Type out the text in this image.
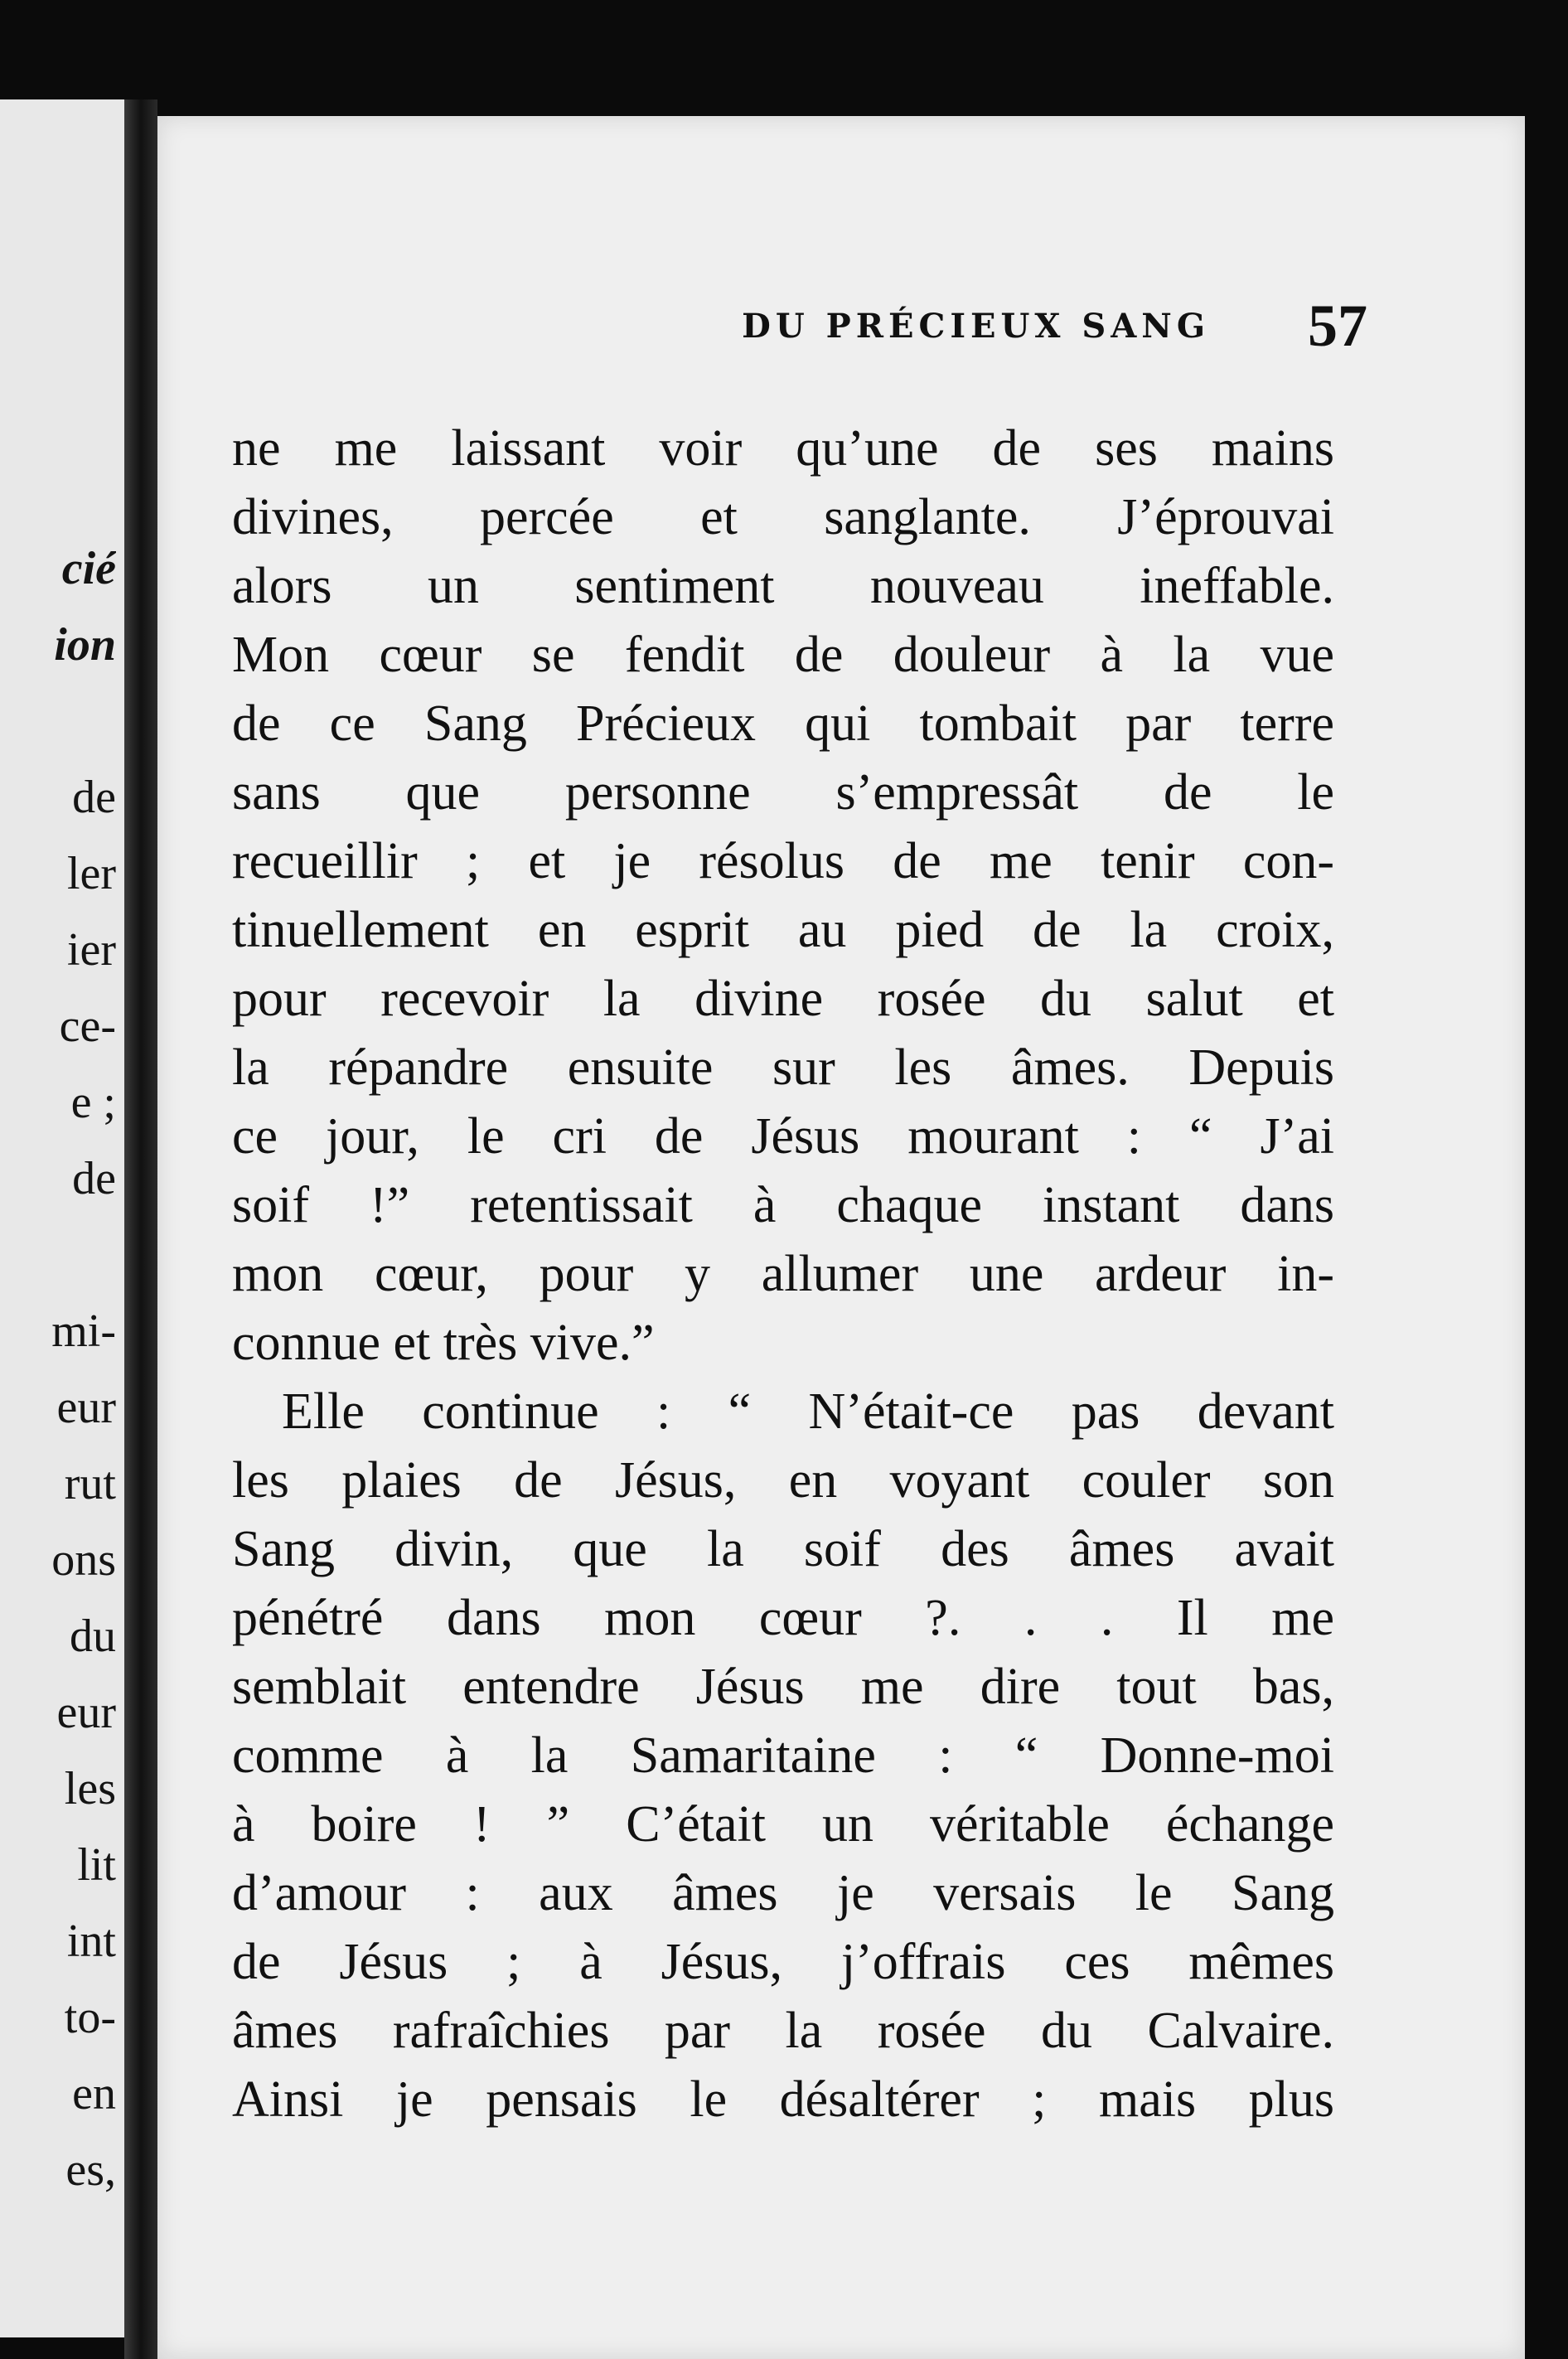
cié
ion
de
ler
ier
ce-
e ;
de
mi-
eur
rut
ons
du
eur
les
lit
int
to-
en
es,
DU PRÉCIEUX SANG	57
ne me laissant voir qu’une de ses mains
divines, percée et sanglante. J’éprouvai
alors un sentiment nouveau ineffable.
Mon cœur se fendit de douleur à la vue
de ce Sang Précieux qui tombait par terre
sans que personne s’empressât de le
recueillir ; et je résolus de me tenir con-
tinuellement en esprit au pied de la croix,
pour recevoir la divine rosée du salut et
la répandre ensuite sur les âmes. Depuis
ce jour, le cri de Jésus mourant : “ J’ai
soif !” retentissait à chaque instant dans
mon cœur, pour y allumer une ardeur in-
connue et très vive.”
Elle continue : “ N’était-ce pas devant
les plaies de Jésus, en voyant couler son
Sang divin, que la soif des âmes avait
pénétré dans mon cœur ?. . . Il me
semblait entendre Jésus me dire tout bas,
comme à la Samaritaine : “ Donne-moi
à boire ! ” C’était un véritable échange
d’amour : aux âmes je versais le Sang
de Jésus ; à Jésus, j’offrais ces mêmes
âmes rafraîchies par la rosée du Calvaire.
Ainsi je pensais le désaltérer ; mais plus
